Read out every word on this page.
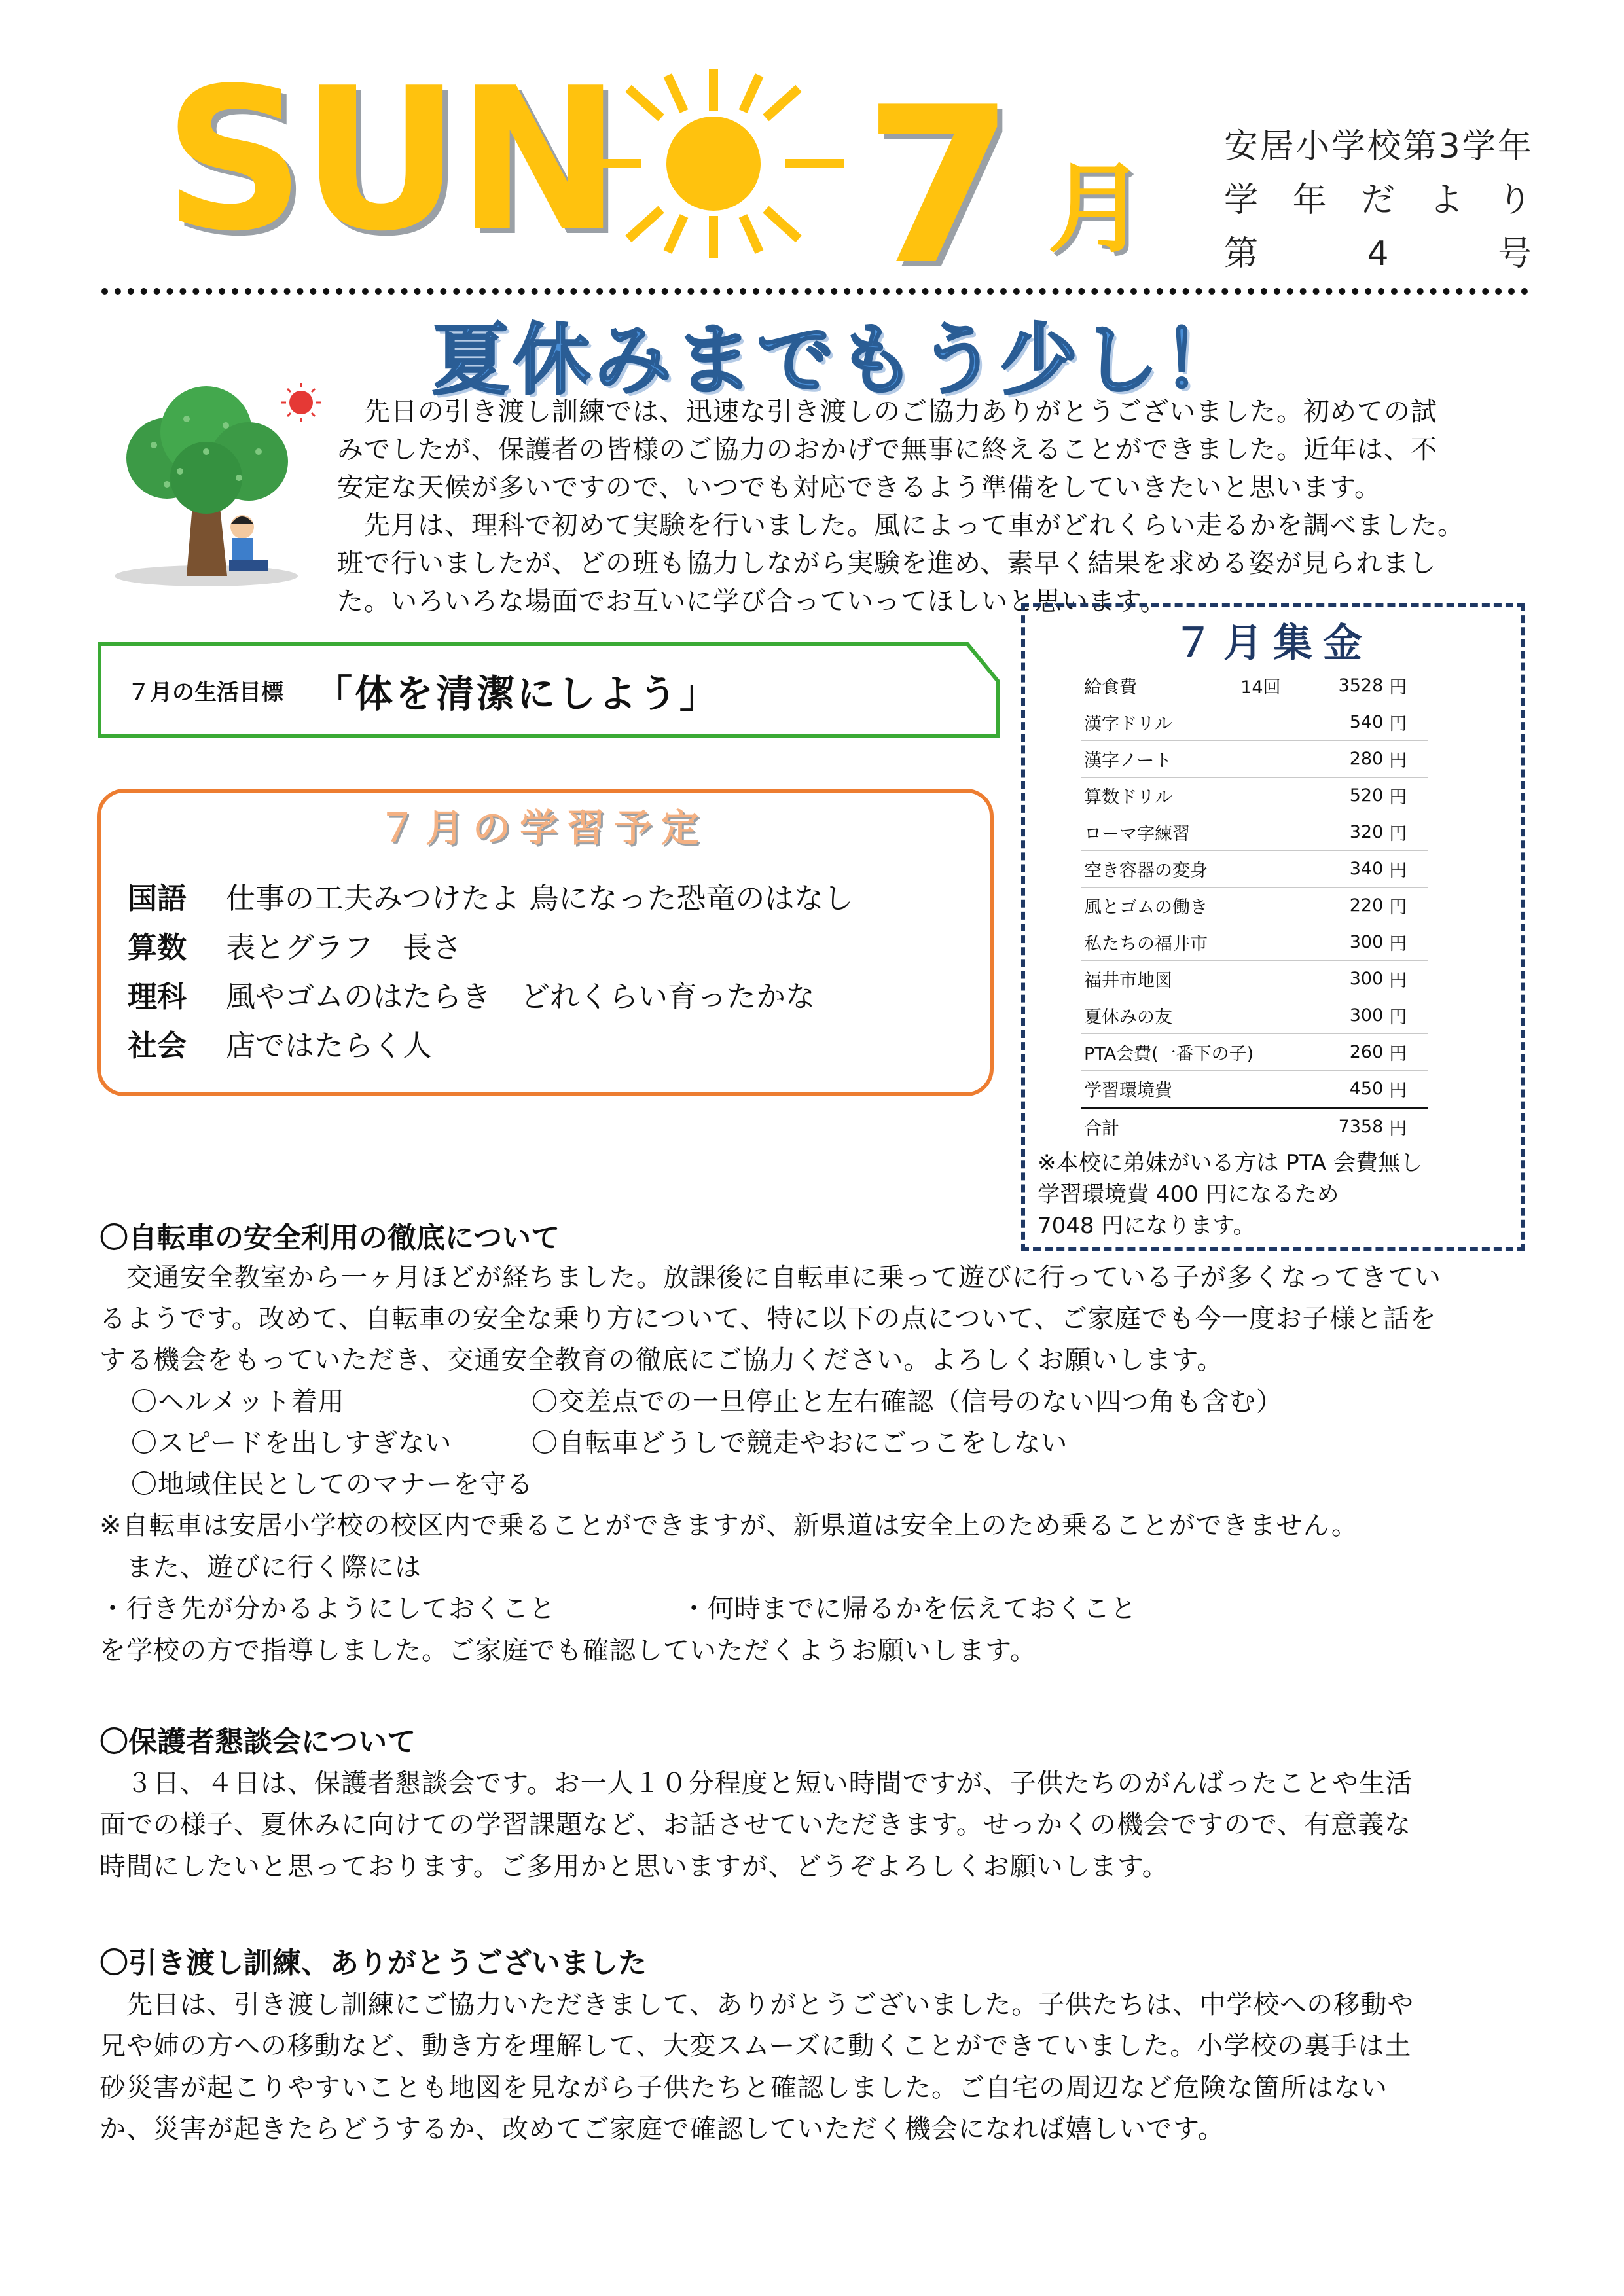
SUN 7 月
安 居 小 学 校 第 3 学 年
学 年 だ よ り
第	4	号
夏休みまでもう少し！
　先日の引き渡し訓練では、迅速な引き渡しのご協力ありがとうございました。初めての試
みでしたが、保護者の皆様のご協力のおかげで無事に終えることができました。近年は、不
安定な天候が多いですので、いつでも対応できるよう準備をしていきたいと思います。
　先月は、理科で初めて実験を行いました。風によって車がどれくらい走るかを調べました。
班で行いましたが、どの班も協力しながら実験を進め、素早く結果を求める姿が見られまし
た。いろいろな場面でお互いに学び合っていってほしいと思います。
７月の生活目標 「体を清潔にしよう」
７月の学習予定
国語	仕事の工夫みつけたよ 鳥になった恐竜のはなし
算数	表とグラフ　長さ
理科	風やゴムのはたらき　どれくらい育ったかな
社会	店ではたらく人
７月集金
給食費	14回	3528	円
漢字ドリル		540	円
漢字ノート		280	円
算数ドリル		520	円
ローマ字練習		320	円
空き容器の変身		340	円
風とゴムの働き		220	円
私たちの福井市		300	円
福井市地図		300	円
夏休みの友		300	円
PTA会費(一番下の子)		260	円
学習環境費		450	円
合計		7358	円
※本校に弟妹がいる方は PTA 会費無し
学習環境費 400 円になるため
7048 円になります。
〇自転車の安全利用の徹底について
　交通安全教室から一ヶ月ほどが経ちました。放課後に自転車に乗って遊びに行っている子が多くなってきてい
るようです。改めて、自転車の安全な乗り方について、特に以下の点について、ご家庭でも今一度お子様と話を
する機会をもっていただき、交通安全教育の徹底にご協力ください。よろしくお願いします。
〇ヘルメット着用	〇交差点での一旦停止と左右確認（信号のない四つ角も含む）
〇スピードを出しすぎない	〇自転車どうしで競走やおにごっこをしない
〇地域住民としてのマナーを守る
※自転車は安居小学校の校区内で乗ることができますが、新県道は安全上のため乗ることができません。
　また、遊びに行く際には
・行き先が分かるようにしておくこと	・何時までに帰るかを伝えておくこと
を学校の方で指導しました。ご家庭でも確認していただくようお願いします。
〇保護者懇談会について
　３日、４日は、保護者懇談会です。お一人１０分程度と短い時間ですが、子供たちのがんばったことや生活
面での様子、夏休みに向けての学習課題など、お話させていただきます。せっかくの機会ですので、有意義な
時間にしたいと思っております。ご多用かと思いますが、どうぞよろしくお願いします。
〇引き渡し訓練、ありがとうございました
　先日は、引き渡し訓練にご協力いただきまして、ありがとうございました。子供たちは、中学校への移動や
兄や姉の方への移動など、動き方を理解して、大変スムーズに動くことができていました。小学校の裏手は土
砂災害が起こりやすいことも地図を見ながら子供たちと確認しました。ご自宅の周辺など危険な箇所はない
か、災害が起きたらどうするか、改めてご家庭で確認していただく機会になれば嬉しいです。
